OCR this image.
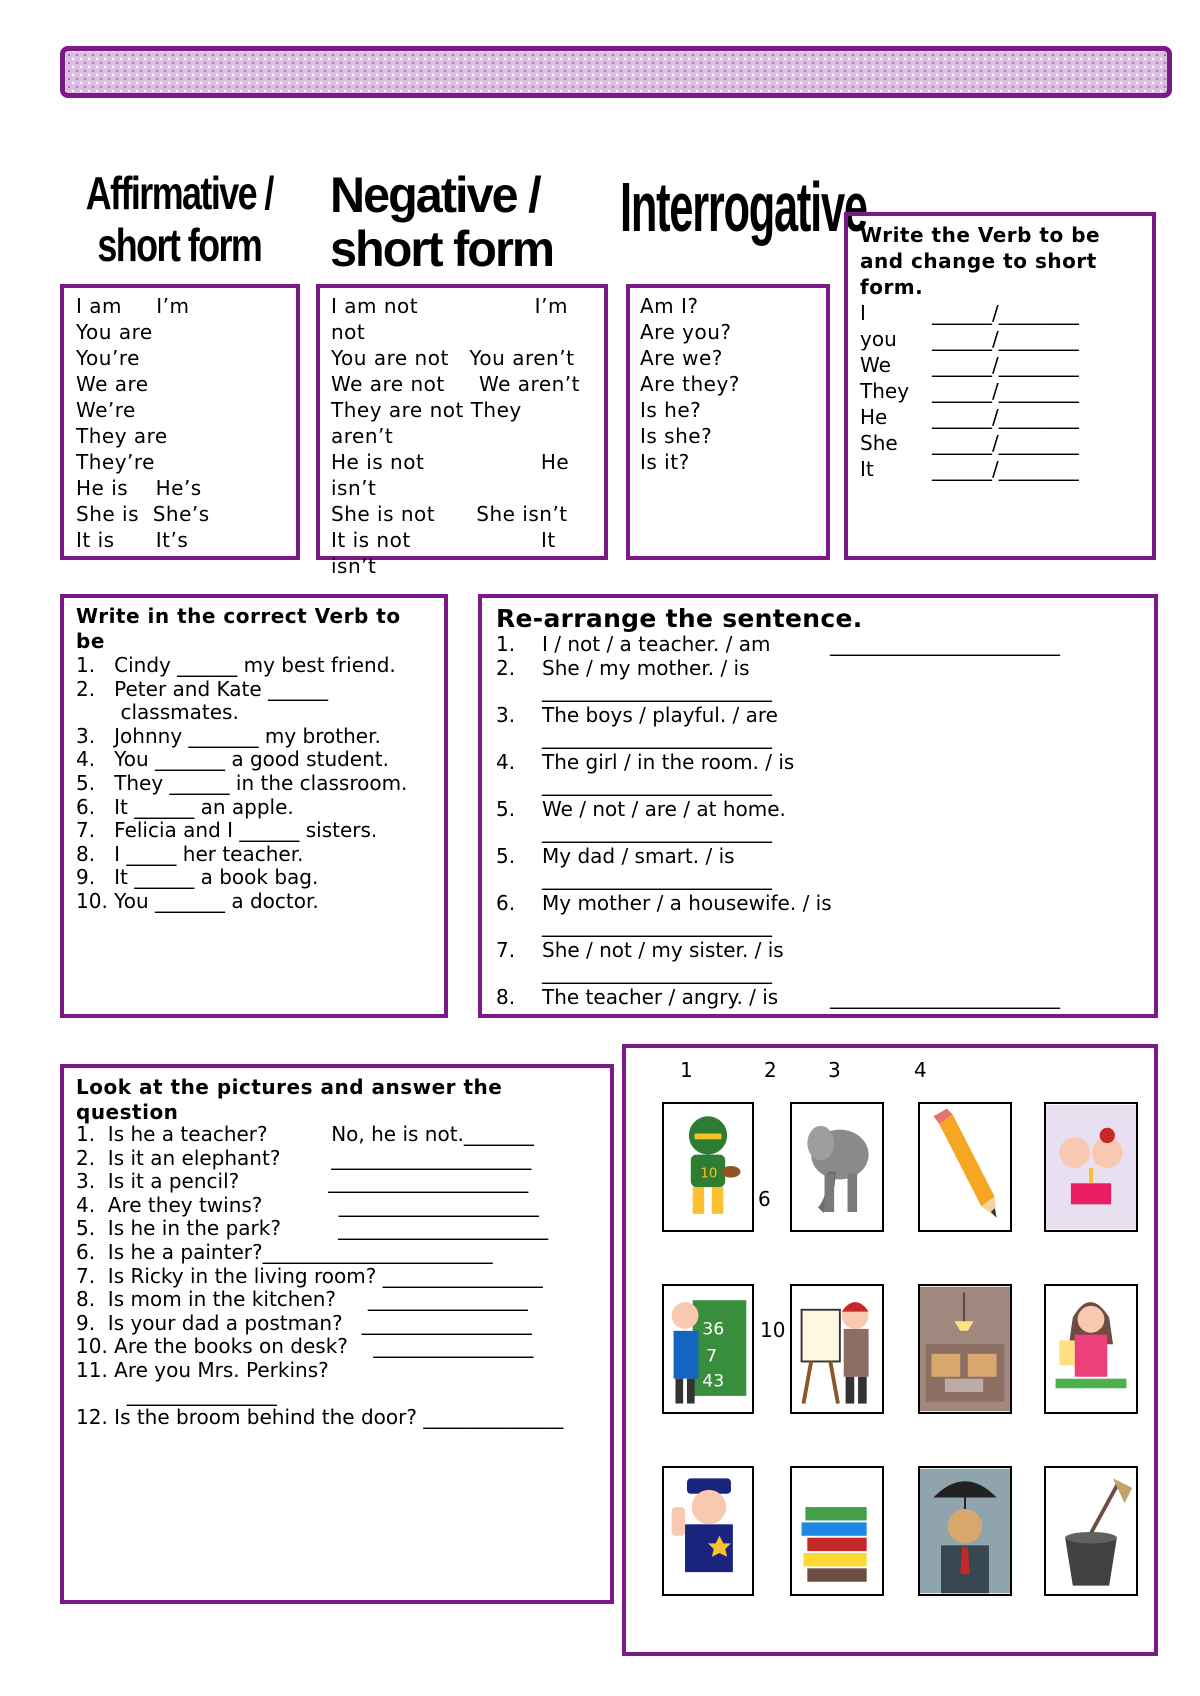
Affirmative /
short form
Negative /
short form
Interrogative
I am     I’m
You are
You’re
We are
We’re
They are
They’re
He is    He’s
She is  She’s
It is      It’s
I am not                 I’m
not
You are not   You aren’t
We are not     We aren’t
They are not They
aren’t
He is not                 He
isn’t
She is not      She isn’t
It is not                   It
isn’t
Am I?
Are you?
Are we?
Are they?
Is he?
Is she?
Is it?
Write the Verb to be
and change to short
form.
I	______/________
you ______/________
We ______/________
They ______/________
He ______/________
She ______/________
It	______/________
Write in the correct Verb to
be
1.   Cindy ______ my best friend.
2.   Peter and Kate ______
classmates.
3.   Johnny _______ my brother.
4.   You _______ a good student.
5.   They ______ in the classroom.
6.   It ______ an apple.
7.   Felicia and I ______ sisters.
8.   I _____ her teacher.
9.   It ______ a book bag.
10. You _______ a doctor.
Re-arrange the sentence.
1. I / not / a teacher. / am	_______________________
2. She / my mother. / is
_______________________
3. The boys / playful. / are
_______________________
4. The girl / in the room. / is
_______________________
5. We / not / are / at home.
_______________________
5. My dad / smart. / is
_______________________
6. My mother / a housewife. / is
_______________________
7. She / not / my sister. / is
_______________________
8. The teacher / angry. / is	_______________________
Look at the pictures and answer the
question
1.  Is he a teacher?          No, he is not._______
2.  Is it an elephant?        ____________________
3.  Is it a pencil?              ____________________
4.  Are they twins?            ____________________
5.  Is he in the park?         _____________________
6.  Is he a painter?_______________________
7.  Is Ricky in the living room? ________________
8.  Is mom in the kitchen?     ________________
9.  Is your dad a postman?   _________________
10. Are the books on desk?    ________________
11. Are you Mrs. Perkins?
_______________
12. Is the broom behind the door? ______________
1	2	3	4
6
10
10
36
7
43
